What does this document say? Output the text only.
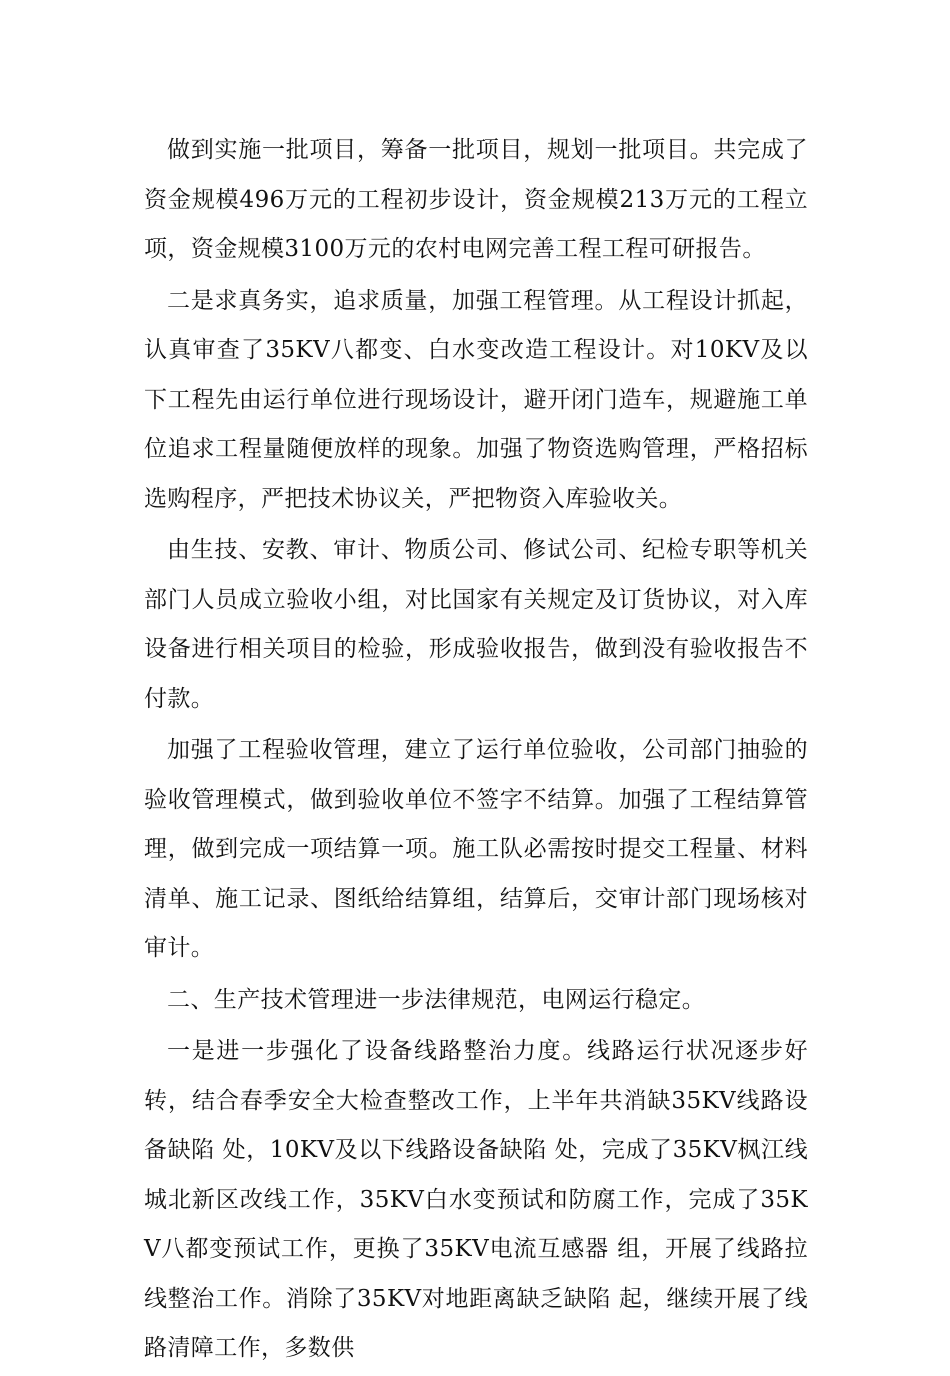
做到实施一批项目，筹备一批项目，规划一批项目。共完成了资金规模496万元的工程初步设计，资金规模213万元的工程立项，资金规模3100万元的农村电网完善工程工程可研报告。

二是求真务实，追求质量，加强工程管理。从工程设计抓起，认真审查了35KV八都变、白水变改造工程设计。对10KV及以下工程先由运行单位进行现场设计，避开闭门造车，规避施工单位追求工程量随便放样的现象。加强了物资选购管理，严格招标选购程序，严把技术协议关，严把物资入库验收关。

由生技、安教、审计、物质公司、修试公司、纪检专职等机关部门人员成立验收小组，对比国家有关规定及订货协议，对入库设备进行相关项目的检验，形成验收报告，做到没有验收报告不付款。

加强了工程验收管理，建立了运行单位验收，公司部门抽验的验收管理模式，做到验收单位不签字不结算。加强了工程结算管理，做到完成一项结算一项。施工队必需按时提交工程量、材料清单、施工记录、图纸给结算组，结算后，交审计部门现场核对审计。

二、生产技术管理进一步法律规范，电网运行稳定。

一是进一步强化了设备线路整治力度。线路运行状况逐步好转，结合春季安全大检查整改工作，上半年共消缺35KV线路设备缺陷 处，10KV及以下线路设备缺陷 处，完成了35KV枫江线城北新区改线工作，35KV白水变预试和防腐工作，完成了35KV八都变预试工作，更换了35KV电流互感器 组，开展了线路拉线整治工作。消除了35KV对地距离缺乏缺陷 起，继续开展了线路清障工作，多数供
